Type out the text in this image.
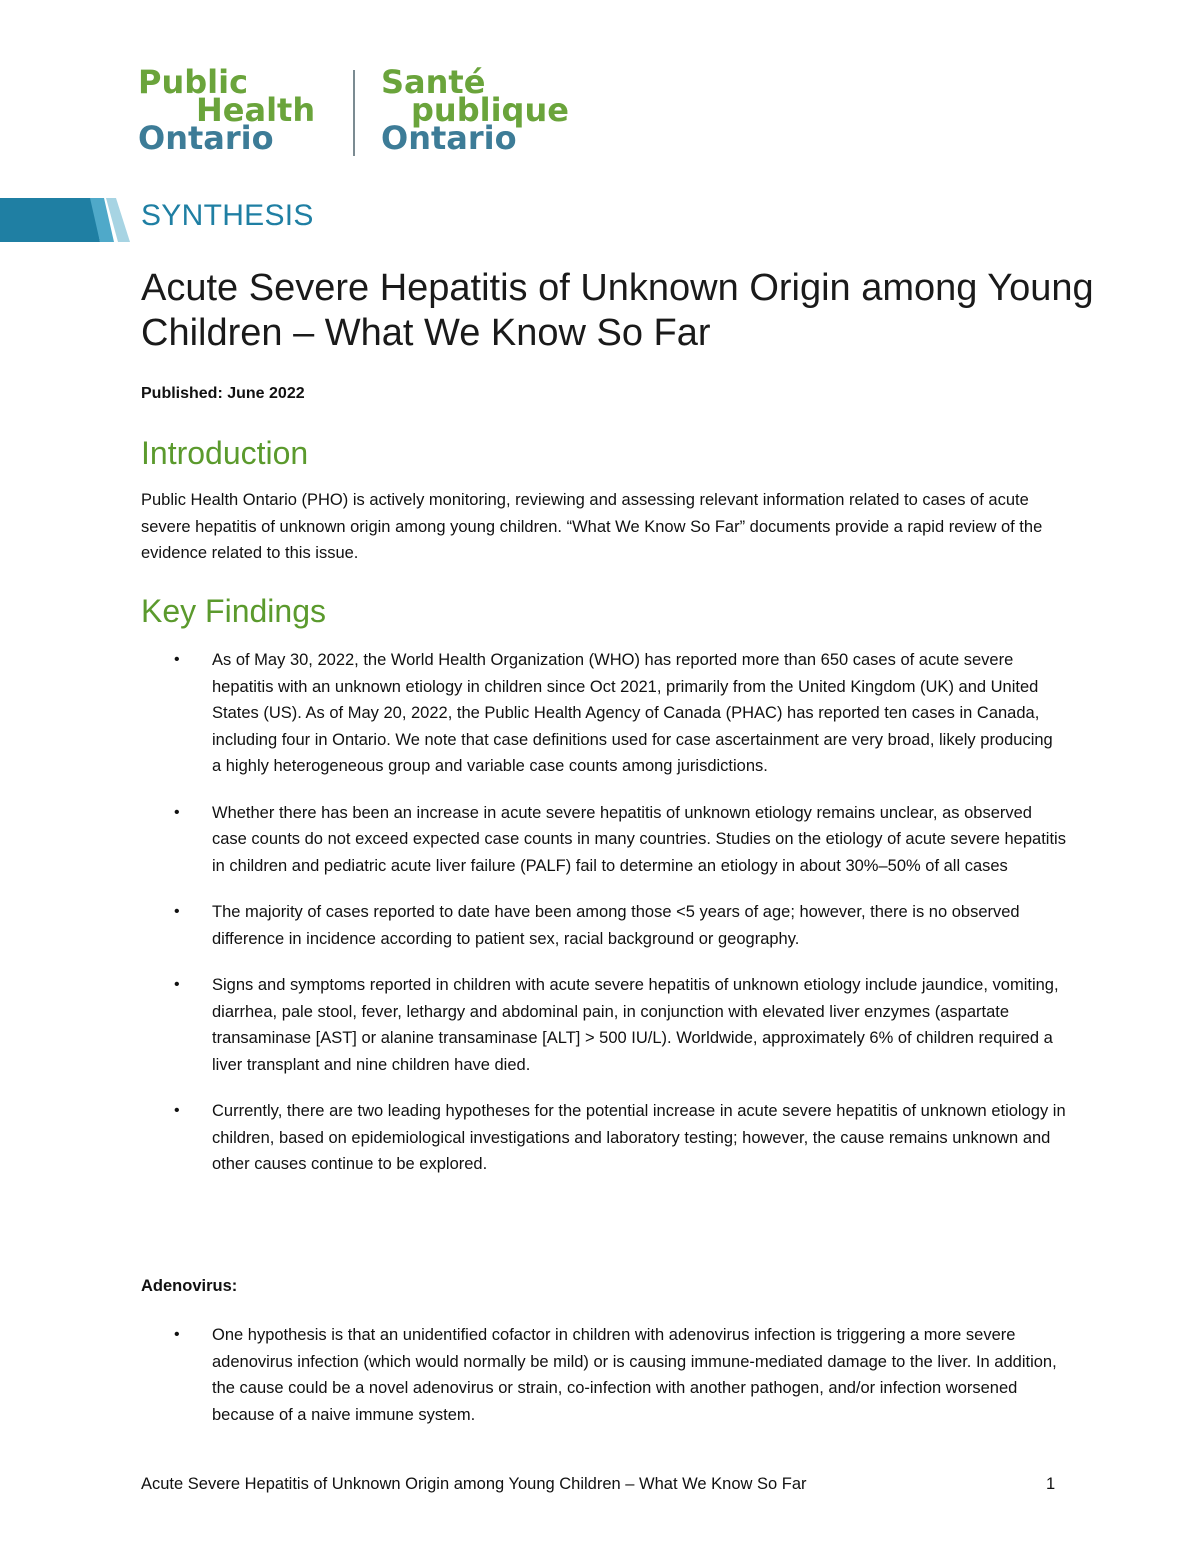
Public
Health
Ontario
Santé
publique
Ontario
SYNTHESIS
Acute Severe Hepatitis of Unknown Origin among Young Children – What We Know So Far
Published: June 2022
Introduction

Public Health Ontario (PHO) is actively monitoring, reviewing and assessing relevant information related to cases of acute severe hepatitis of unknown origin among young children. “What We Know So Far” documents provide a rapid review of the evidence related to this issue.

Key Findings
• As of May 30, 2022, the World Health Organization (WHO) has reported more than 650 cases of acute severe hepatitis with an unknown etiology in children since Oct 2021, primarily from the United Kingdom (UK) and United States (US). As of May 20, 2022, the Public Health Agency of Canada (PHAC) has reported ten cases in Canada, including four in Ontario. We note that case definitions used for case ascertainment are very broad, likely producing a highly heterogeneous group and variable case counts among jurisdictions.
• Whether there has been an increase in acute severe hepatitis of unknown etiology remains unclear, as observed case counts do not exceed expected case counts in many countries. Studies on the etiology of acute severe hepatitis in children and pediatric acute liver failure (PALF) fail to determine an etiology in about 30%–50% of all cases
• The majority of cases reported to date have been among those <5 years of age; however, there is no observed difference in incidence according to patient sex, racial background or geography.
• Signs and symptoms reported in children with acute severe hepatitis of unknown etiology include jaundice, vomiting, diarrhea, pale stool, fever, lethargy and abdominal pain, in conjunction with elevated liver enzymes (aspartate transaminase [AST] or alanine transaminase [ALT] > 500 IU/L). Worldwide, approximately 6% of children required a liver transplant and nine children have died.
• Currently, there are two leading hypotheses for the potential increase in acute severe hepatitis of unknown etiology in children, based on epidemiological investigations and laboratory testing; however, the cause remains unknown and other causes continue to be explored.
Adenovirus:
• One hypothesis is that an unidentified cofactor in children with adenovirus infection is triggering a more severe adenovirus infection (which would normally be mild) or is causing immune-mediated damage to the liver. In addition, the cause could be a novel adenovirus or strain, co-infection with another pathogen, and/or infection worsened because of a naive immune system.
Acute Severe Hepatitis of Unknown Origin among Young Children – What We Know So Far	1
